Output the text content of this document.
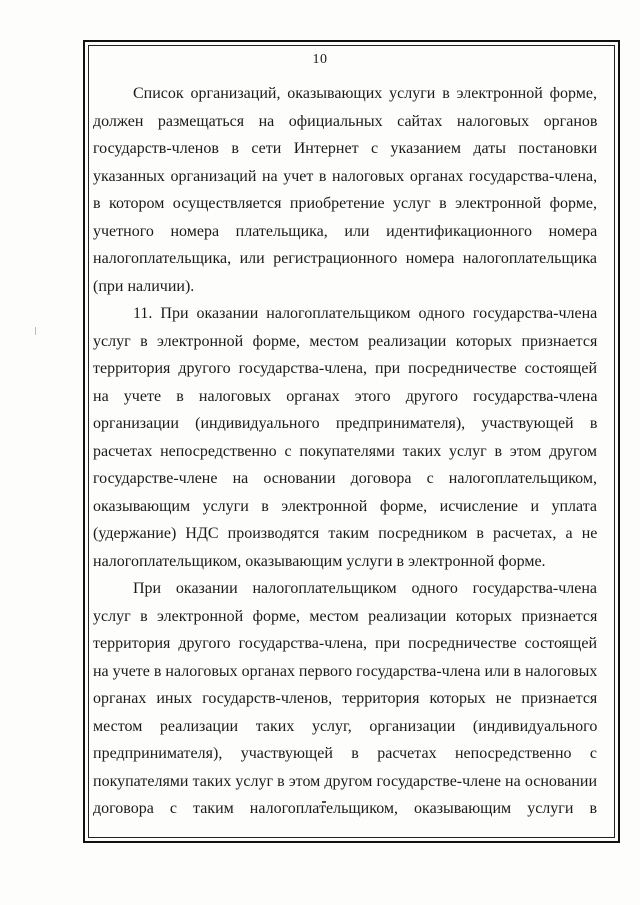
10

Список организаций, оказывающих услуги в электронной форме,
должен размещаться на официальных сайтах налоговых органов
государств-членов в сети Интернет с указанием даты постановки
указанных организаций на учет в налоговых органах государства-члена,
в котором осуществляется приобретение услуг в электронной форме,
учетного номера плательщика, или идентификационного номера
налогоплательщика, или регистрационного номера налогоплательщика
(при наличии).

11. При оказании налогоплательщиком одного государства-члена
услуг в электронной форме, местом реализации которых признается
территория другого государства-члена, при посредничестве состоящей
на учете в налоговых органах этого другого государства-члена
организации (индивидуального предпринимателя), участвующей в
расчетах непосредственно с покупателями таких услуг в этом другом
государстве-члене на основании договора с налогоплательщиком,
оказывающим услуги в электронной форме, исчисление и уплата
(удержание) НДС производятся таким посредником в расчетах, а не
налогоплательщиком, оказывающим услуги в электронной форме.

При оказании налогоплательщиком одного государства-члена
услуг в электронной форме, местом реализации которых признается
территория другого государства-члена, при посредничестве состоящей
на учете в налоговых органах первого государства-члена или в налоговых
органах иных государств-членов, территория которых не признается
местом реализации таких услуг, организации (индивидуального
предпринимателя), участвующей в расчетах непосредственно с
покупателями таких услуг в этом другом государстве-члене на основании
договора с таким налогоплательщиком, оказывающим услуги в
